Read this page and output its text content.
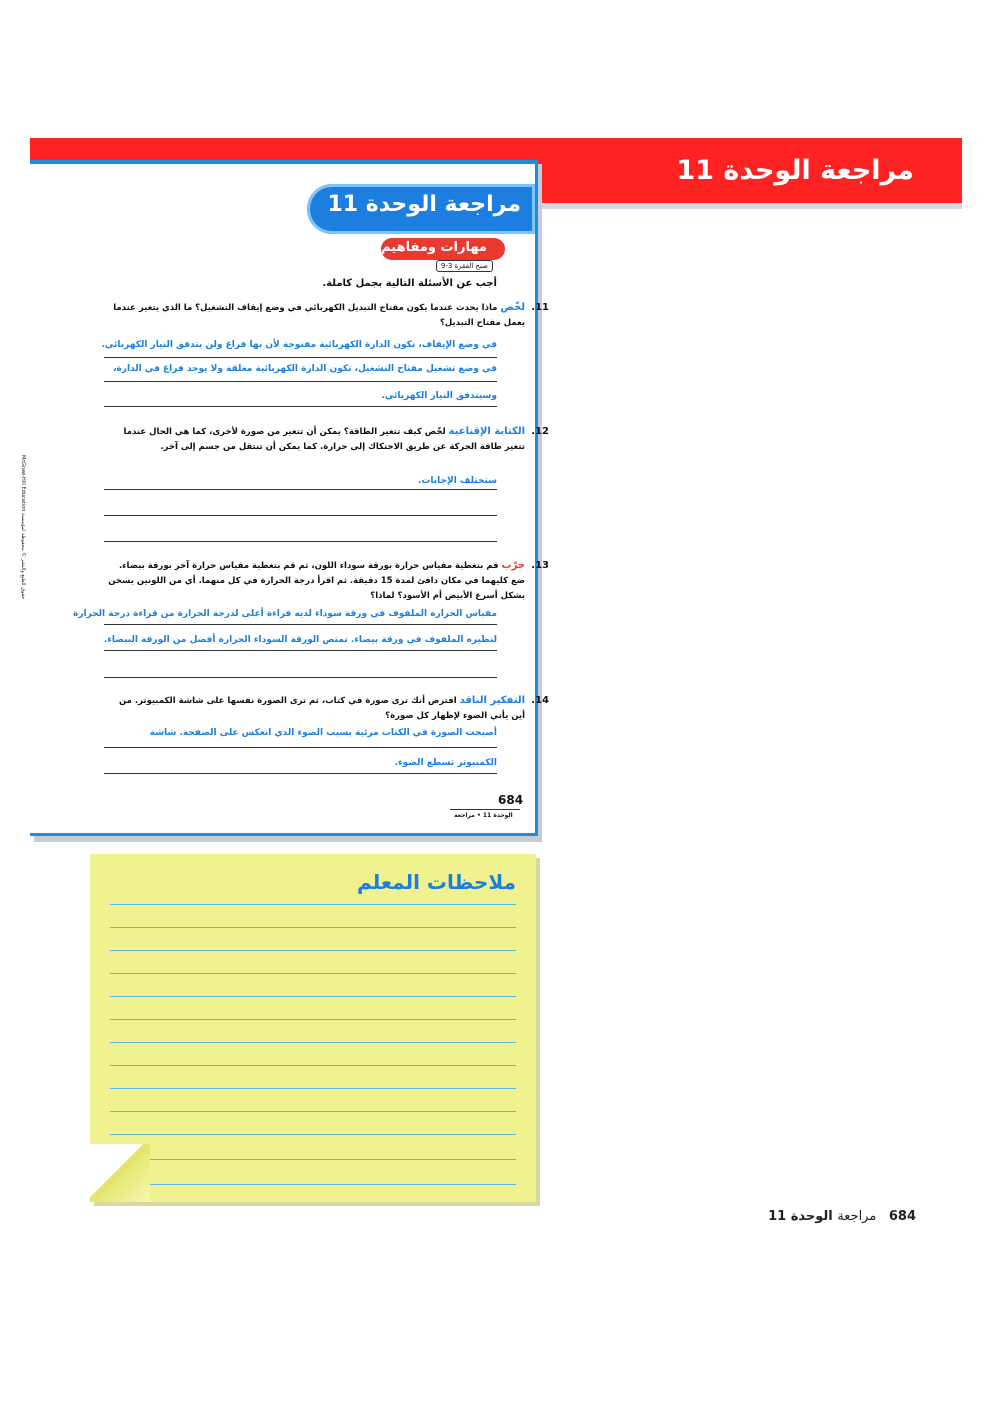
مراجعة الوحدة 11
مراجعة الوحدة 11
مهارات ومفاهيم
صبح الفقرة 3-9
أجب عن الأسئلة التالية بجمل كاملة.
11.
لخّص ماذا يحدث عندما يكون مفتاح التبديل الكهربائي في وضع إيقاف التشغيل؟ ما الذي يتغير عندما يعمل مفتاح التبديل؟
في وضع الإيقاف، تكون الدارة الكهربائية مفتوحة لأن بها فراغ ولن يتدفق التيار الكهربائي.
في وضع تشغيل مفتاح التشغيل، تكون الدارة الكهربائية مغلقة ولا يوجد فراغ في الدارة،
وسيتدفق التيار الكهربائي.
12.
الكتابة الإقناعية لخّص كيف تتغير الطاقة؟ يمكن أن تتغير من صورة لأخرى، كما هي الحال عندما تتغير طاقة الحركة عن طريق الاحتكاك إلى حرارة. كما يمكن أن تنتقل من جسم إلى آخر.
ستختلف الإجابات.
13.
جرّب قم بتغطية مقياس حرارة بورقة سوداء اللون، ثم قم بتغطية مقياس حرارة آخر بورقة بيضاء. ضع كليهما في مكان دافئ لمدة 15 دقيقة. ثم اقرأ درجة الحرارة في كل منهما. أي من اللونين يسخن بشكل أسرع الأبيض أم الأسود؟ لماذا؟
مقياس الحرارة الملفوف في ورقة سوداء لديه قراءة أعلى لدرجة الحرارة من قراءة درجة الحرارة
لنظيره الملفوف في ورقة بيضاء. تمتص الورقة السوداء الحرارة أفضل من الورقة البيضاء.
14.
التفكير الناقد افترض أنك ترى صورة في كتاب، ثم ترى الصورة نفسها على شاشة الكمبيوتر. من أين يأتي الضوء لإظهار كل صورة؟
أصبحت الصورة في الكتاب مرئية بسبب الضوء الذي انعكس على الصفحة. شاشة
الكمبيوتر تسطع الضوء.
684
الوحدة 11 • مراجعة
حقوق الطبع والنشر © محفوظة لمؤسسة McGraw-Hill Education
ملاحظات المعلم
684 مراجعة الوحدة 11
